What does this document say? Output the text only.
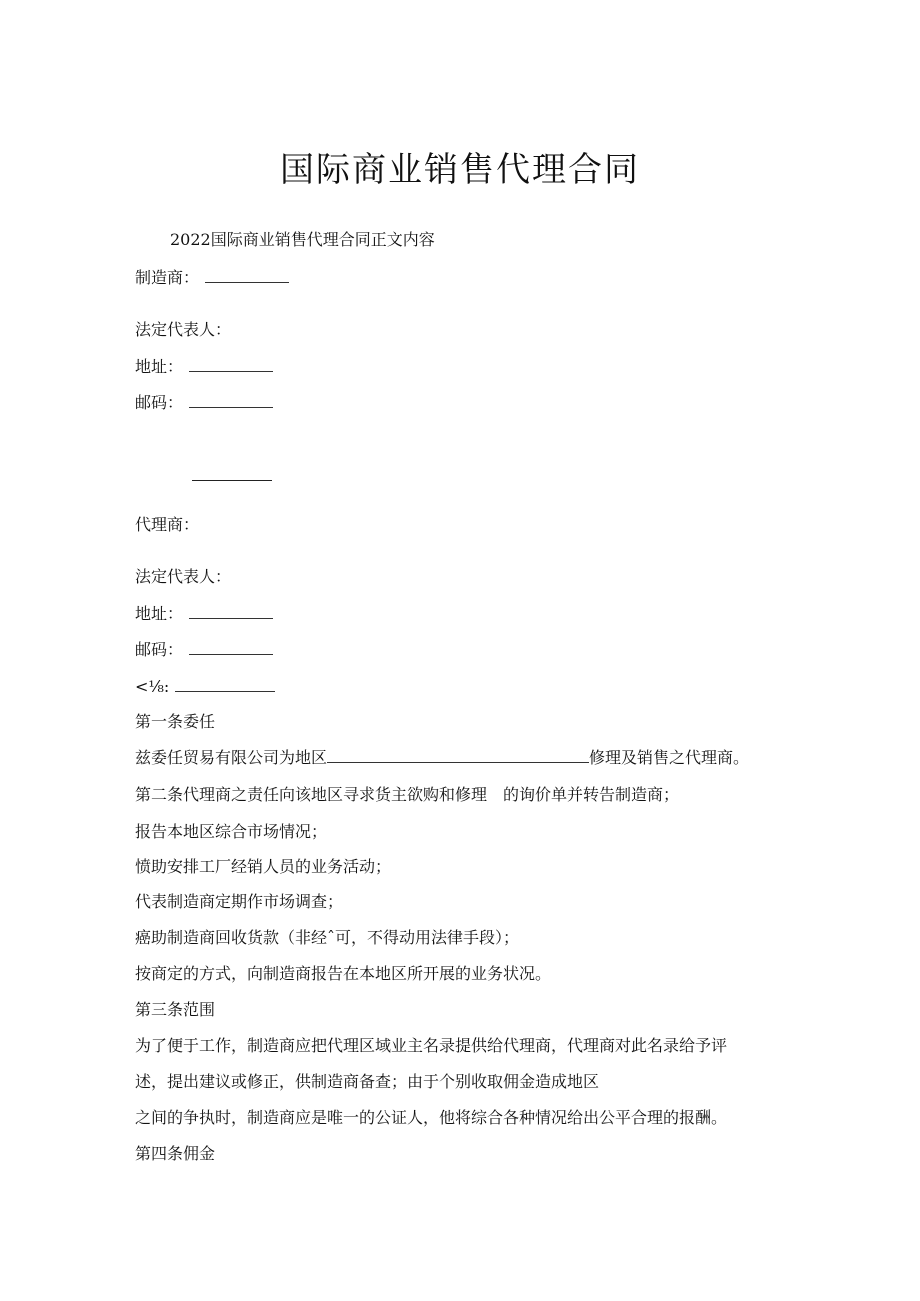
国际商业销售代理合同
2022国际商业销售代理合同正文内容
制造商：
法定代表人：
地址：
邮码：
代理商：
法定代表人：
地址：
邮码：
<⅛:
第一条委任
兹委任贸易有限公司为地区	修理及销售之代理商。
第二条代理商之责任向该地区寻求货主欲购和修理　的询价单并转告制造商；
报告本地区综合市场情况；
愤助安排工厂经销人员的业务活动；
代表制造商定期作市场调查；
癌助制造商回收货款（非经ˆ可，不得动用法律手段）；
按商定的方式，向制造商报告在本地区所开展的业务状况。
第三条范围
为了便于工作，制造商应把代理区域业主名录提供给代理商，代理商对此名录给予评
述，提出建议或修正，供制造商备查；由于个别收取佣金造成地区
之间的争执时，制造商应是唯一的公证人，他将综合各种情况给出公平合理的报酬。
第四条佣金
